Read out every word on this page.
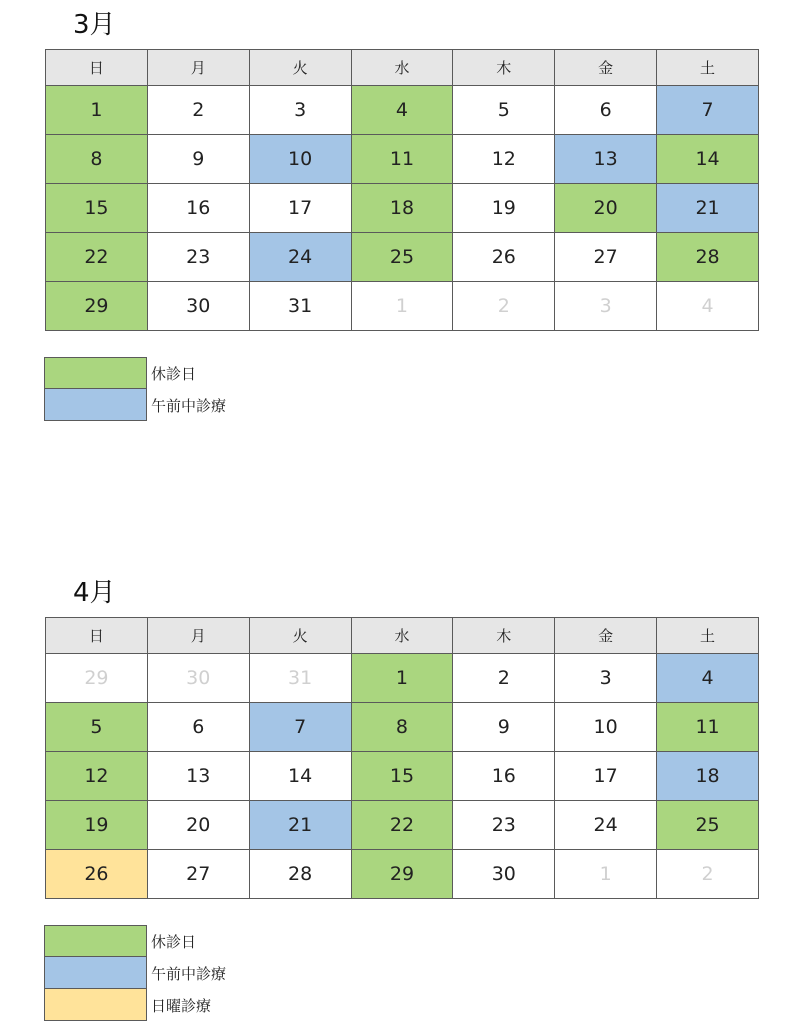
3月
日	月	火	水	木	金	土
1	2	3	4	5	6	7
8	9	10	11	12	13	14
15	16	17	18	19	20	21
22	23	24	25	26	27	28
29	30	31	1	2	3	4
休診日
午前中診療
4月
日	月	火	水	木	金	土
29	30	31	1	2	3	4
5	6	7	8	9	10	11
12	13	14	15	16	17	18
19	20	21	22	23	24	25
26	27	28	29	30	1	2
休診日
午前中診療
日曜診療
